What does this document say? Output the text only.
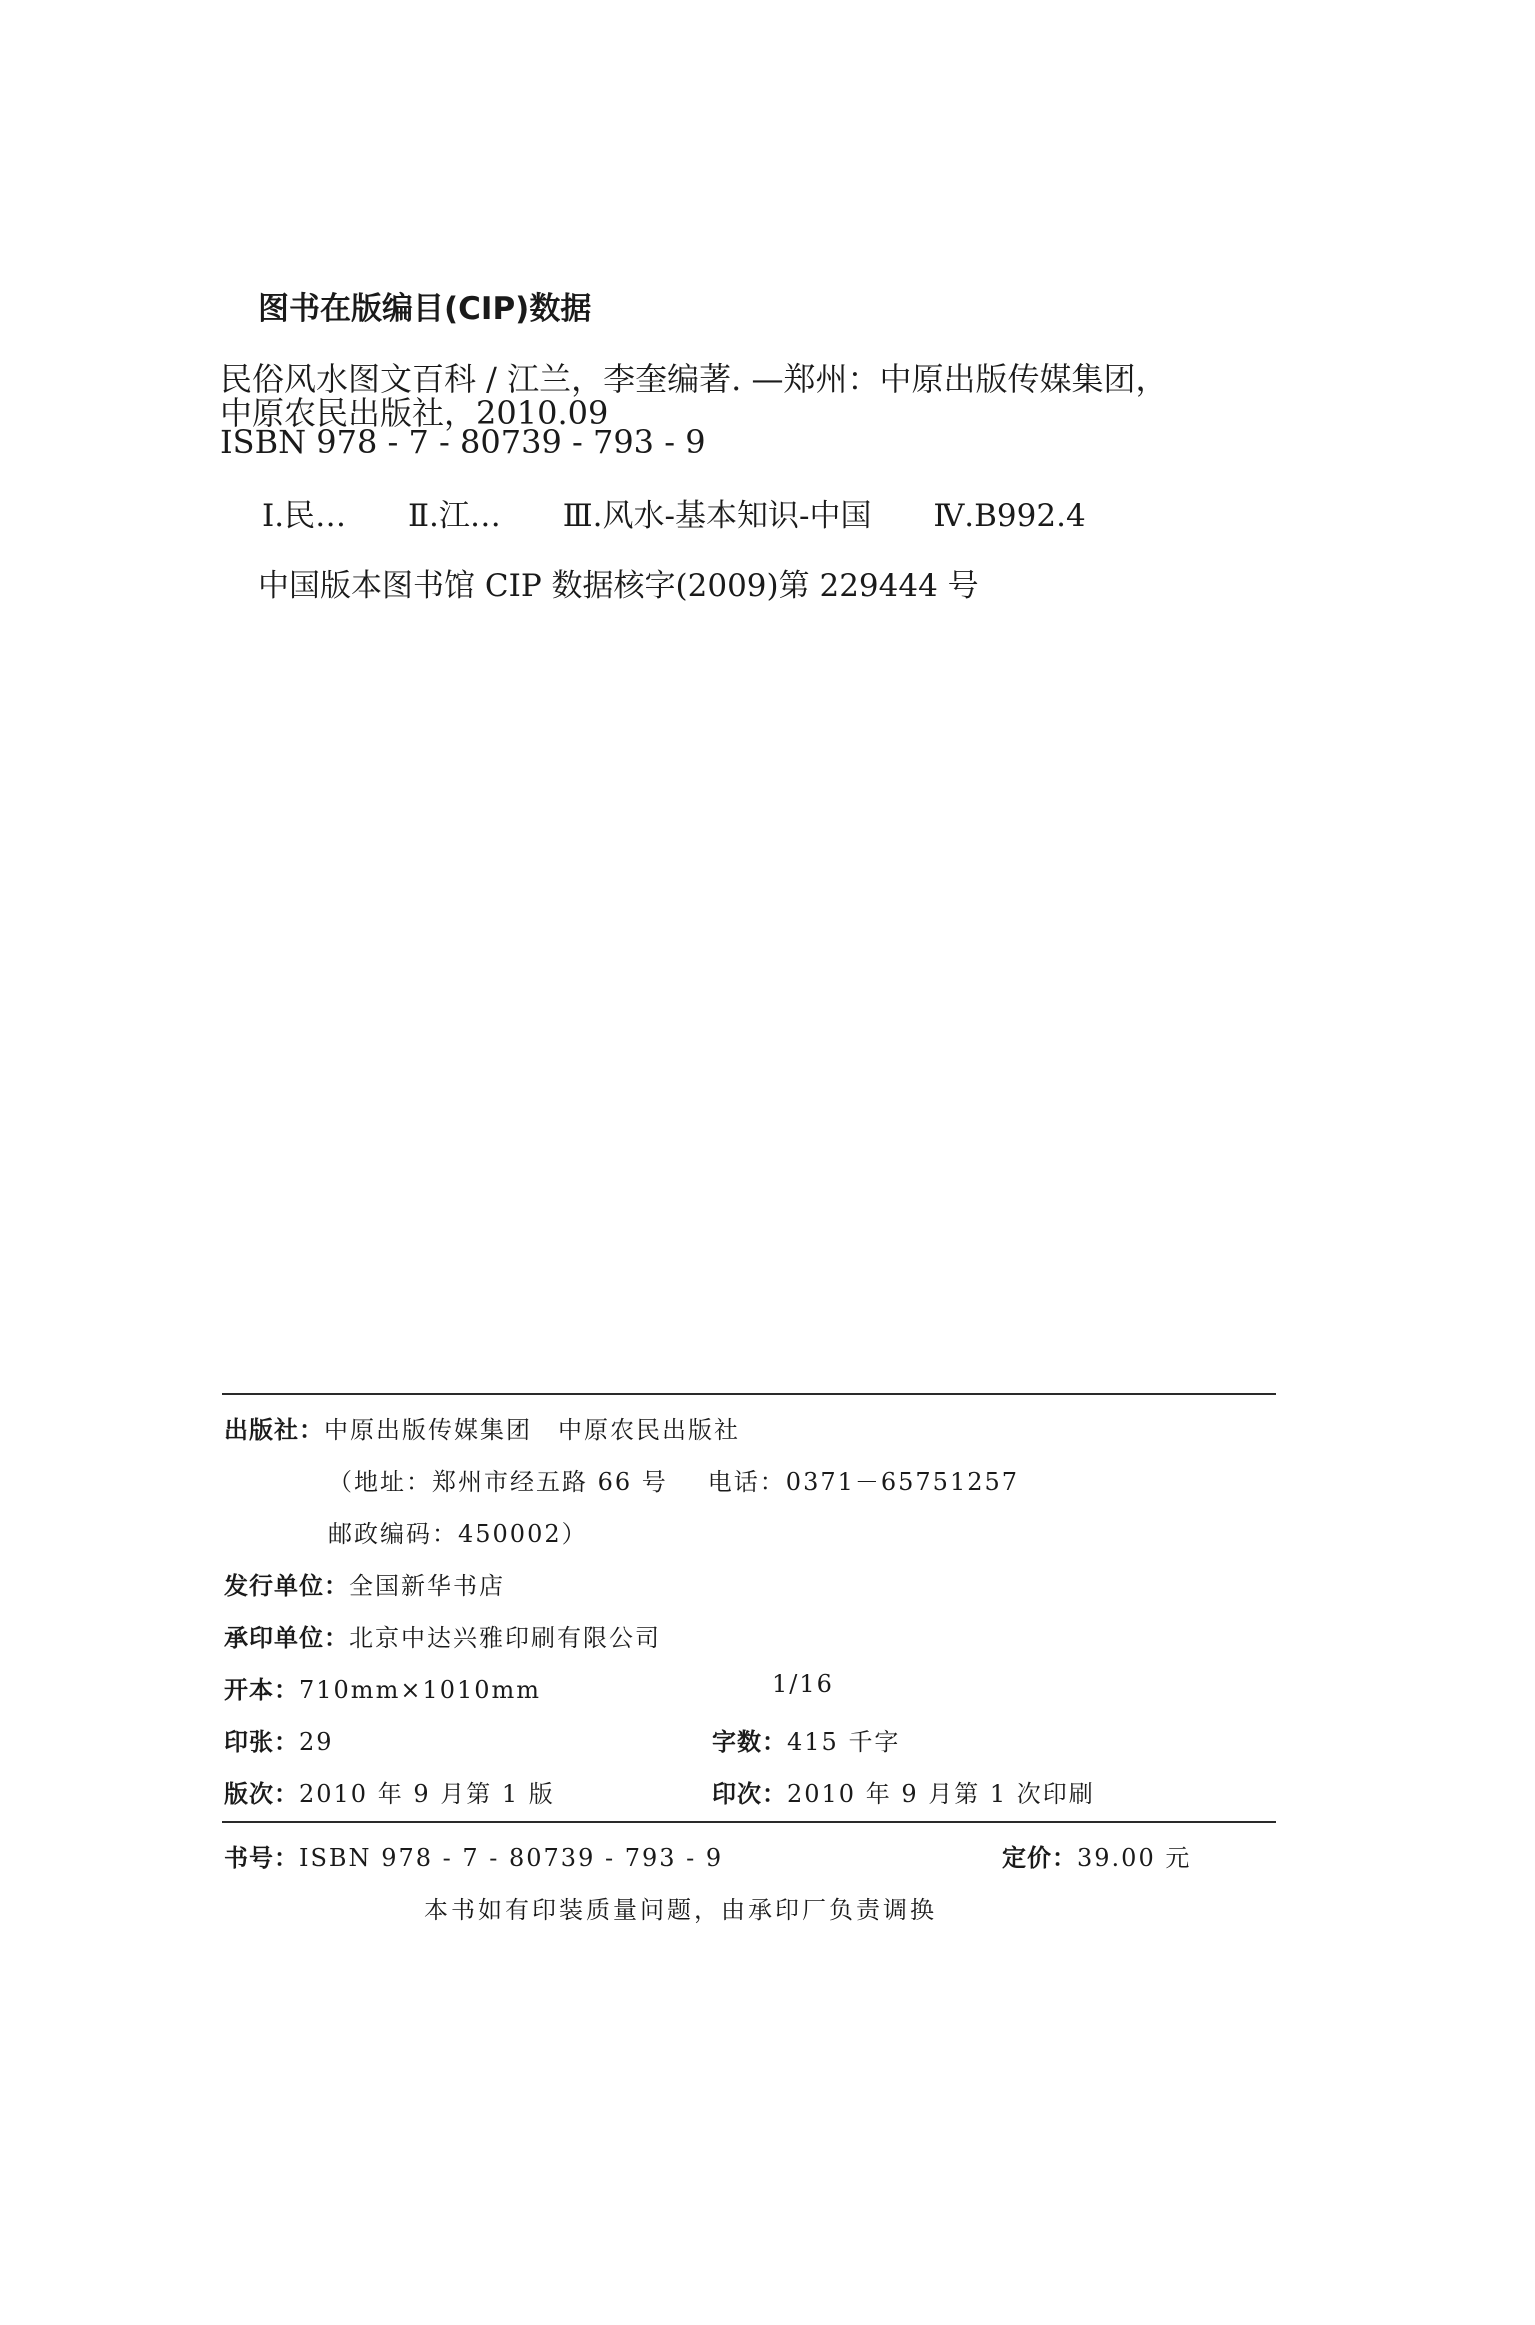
图书在版编目(CIP)数据
民俗风水图文百科 / 江兰，李奎编著. —郑州：中原出版传媒集团，
中原农民出版社，2010.09
ISBN 978 - 7 - 80739 - 793 - 9
Ⅰ.民… Ⅱ.江… Ⅲ.风水-基本知识-中国 Ⅳ.B992.4
中国版本图书馆 CIP 数据核字(2009)第 229444 号
出版社：中原出版传媒集团　中原农民出版社
（地址：郑州市经五路 66 号 电话：0371－65751257
邮政编码：450002）
发行单位：全国新华书店
承印单位：北京中达兴雅印刷有限公司
开本：710mm×1010mm	1/16
印张：29	字数：415 千字
版次：2010 年 9 月第 1 版	印次：2010 年 9 月第 1 次印刷
书号：ISBN 978 - 7 - 80739 - 793 - 9	定价：39.00 元
本书如有印装质量问题，由承印厂负责调换
